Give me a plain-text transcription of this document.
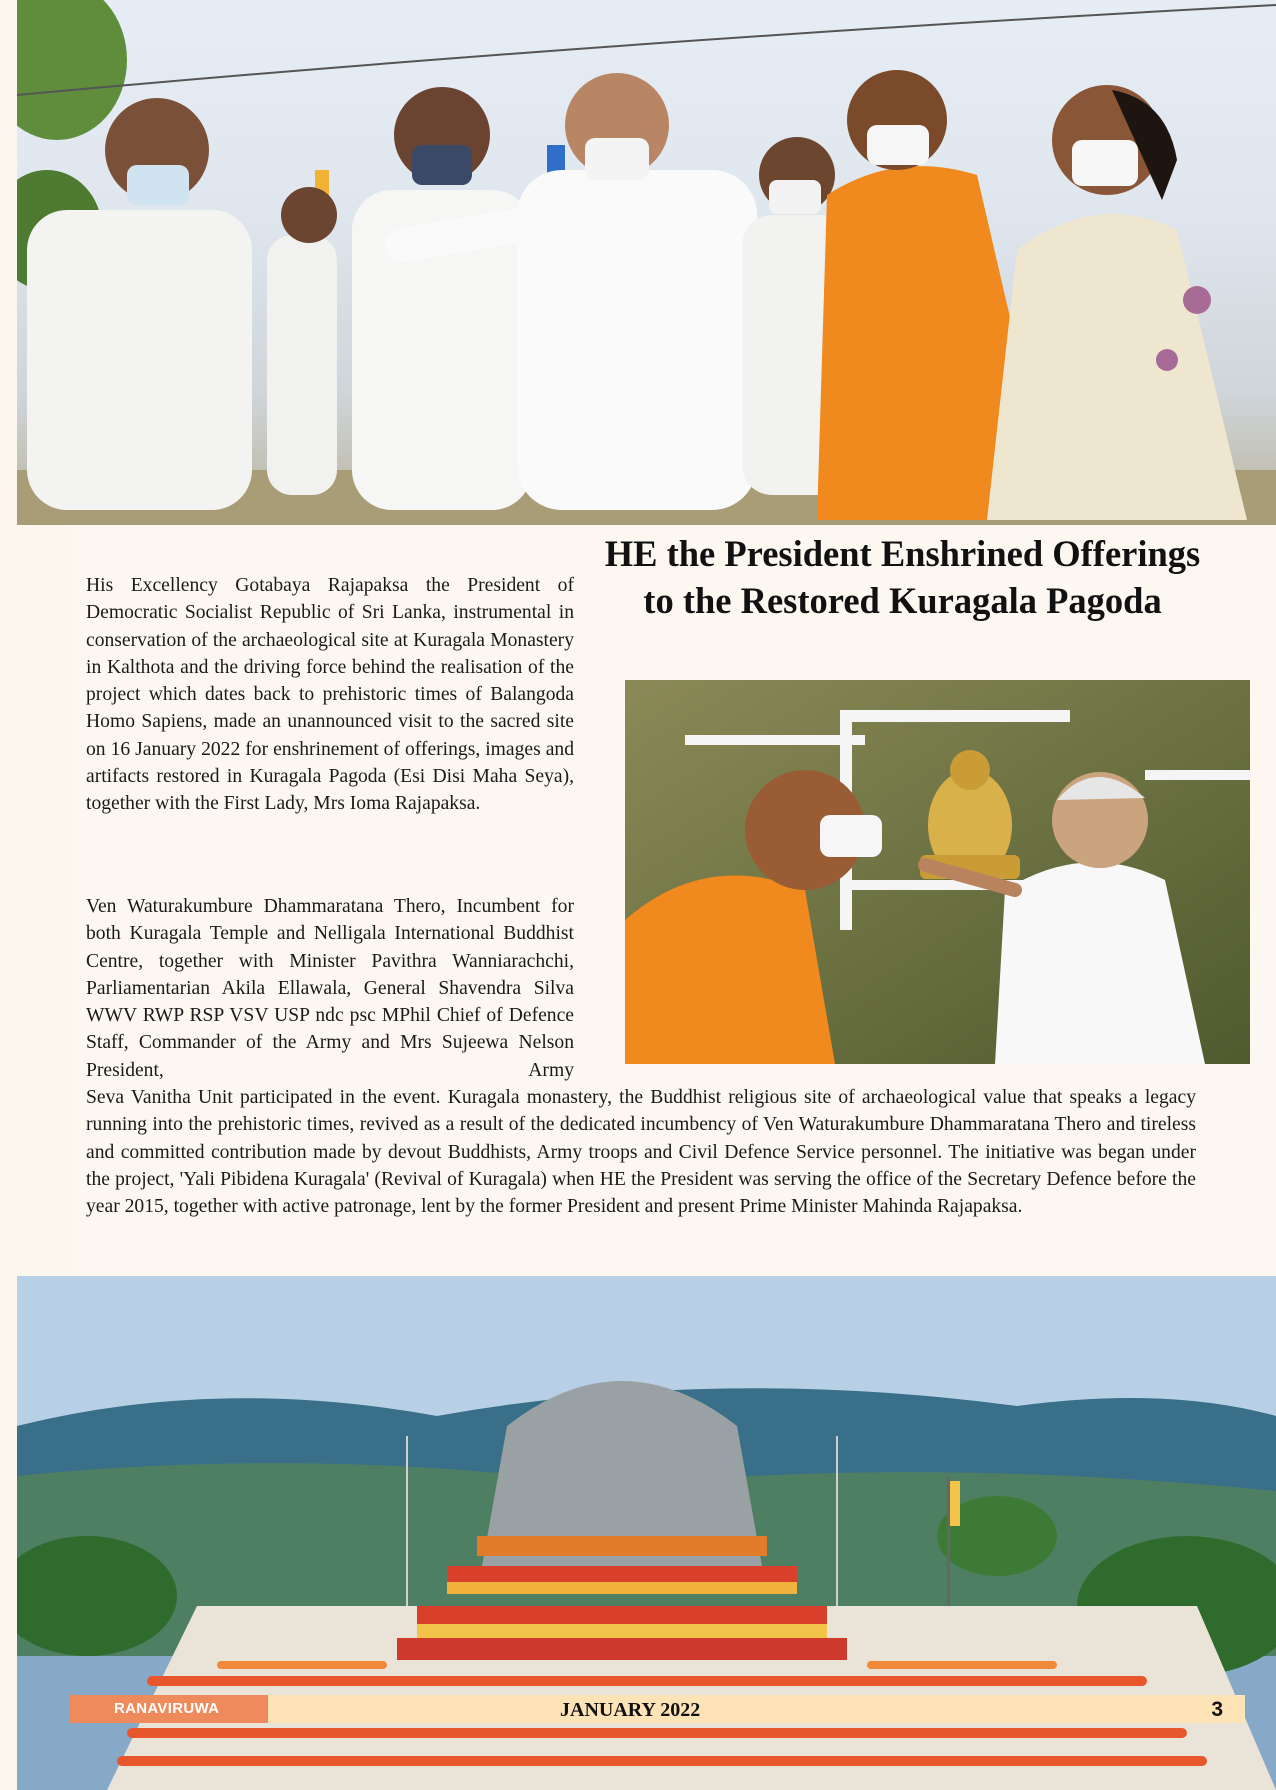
HE the President Enshrined Offerings to the Restored Kuragala Pagoda

His Excellency Gotabaya Rajapaksa the President of Democratic Socialist Republic of Sri Lanka, instrumental in conservation of the archaeological site at Kuragala Monastery in Kalthota and the driving force behind the realisation of the project which dates back to prehistoric times of Balangoda Homo Sapiens, made an unannounced visit to the sacred site on 16 January 2022 for enshrinement of offerings, images and artifacts restored in Kuragala Pagoda (Esi Disi Maha Seya), together with the First Lady, Mrs Ioma Rajapaksa.

Ven Waturakumbure Dhammaratana Thero, Incumbent for both Kuragala Temple and Nelligala International Buddhist Centre, together with Minister Pavithra Wanniarachchi, Parliamentarian Akila Ellawala, General Shavendra Silva WWV RWP RSP VSV USP ndc psc MPhil Chief of Defence Staff, Commander of the Army and Mrs Sujeewa Nelson President, Army

Seva Vanitha Unit participated in the event. Kuragala monastery, the Buddhist religious site of archaeological value that speaks a legacy running into the prehistoric times, revived as a result of the dedicated incumbency of Ven Waturakumbure Dhammaratana Thero and tireless and committed contribution made by devout Buddhists, Army troops and Civil Defence Service personnel. The initiative was began under the project, 'Yali Pibidena Kuragala' (Revival of Kuragala) when HE the President was serving the office of the Secretary Defence before the year 2015, together with active patronage, lent by the former President and present Prime Minister Mahinda Rajapaksa.

RANAVIRUWA	JANUARY 2022	3
